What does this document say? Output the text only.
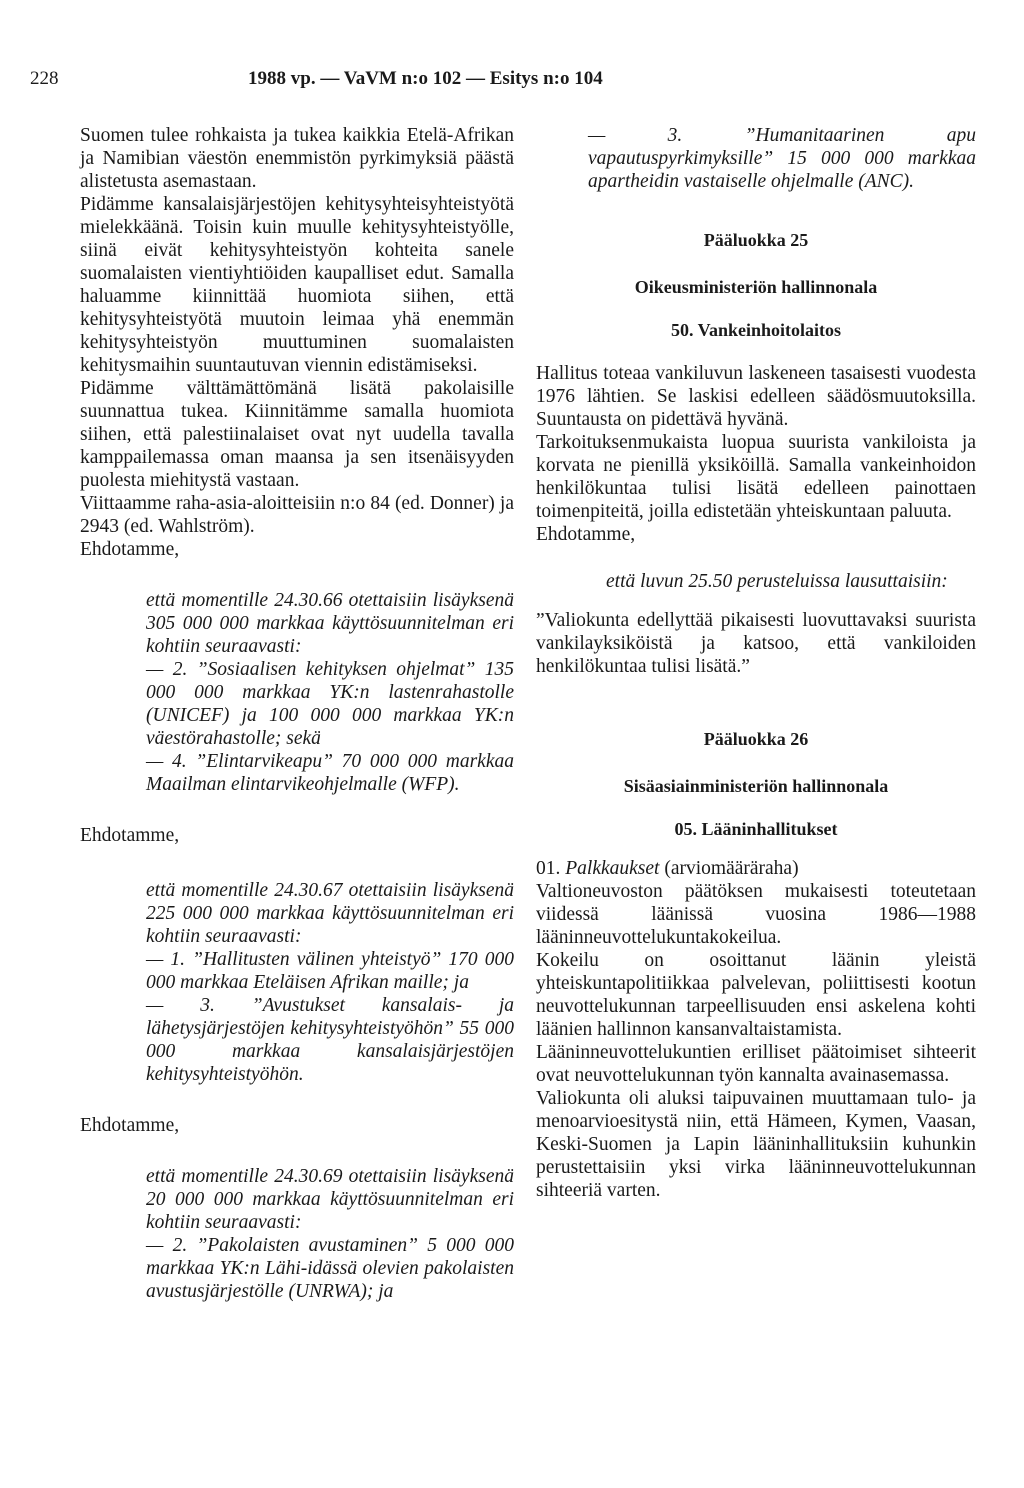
228	1988 vp. — VaVM n:o 102 — Esitys n:o 104

Suomen tulee rohkaista ja tukea kaikkia Etelä-Afrikan ja Namibian väestön enemmistön pyrkimyksiä päästä alistetusta asemastaan.

Pidämme kansalaisjärjestöjen kehitysyhteisyhteistyötä mielekkäänä. Toisin kuin muulle kehitysyhteistyölle, siinä eivät kehitysyhteistyön kohteita sanele suomalaisten vientiyhtiöiden kaupalliset edut. Samalla haluamme kiinnittää huomiota siihen, että kehitysyhteistyötä muutoin leimaa yhä enemmän kehitysyhteistyön muuttuminen suomalaisten kehitysmaihin suuntautuvan viennin edistämiseksi.

Pidämme välttämättömänä lisätä pakolaisille suunnattua tukea. Kiinnitämme samalla huomiota siihen, että palestiinalaiset ovat nyt uudella tavalla kamppailemassa oman maansa ja sen itsenäisyyden puolesta miehitystä vastaan.

Viittaamme raha-asia-aloitteisiin n:o 84 (ed. Donner) ja 2943 (ed. Wahlström).

Ehdotamme,

että momentille 24.30.66 otettaisiin lisäyksenä 305 000 000 markkaa käyttösuunnitelman eri kohtiin seuraavasti:

— 2. ”Sosiaalisen kehityksen ohjelmat” 135 000 000 markkaa YK:n lastenrahastolle (UNICEF) ja 100 000 000 markkaa YK:n väestörahastolle; sekä

— 4. ”Elintarvikeapu” 70 000 000 markkaa Maailman elintarvikeohjelmalle (WFP).

Ehdotamme,

että momentille 24.30.67 otettaisiin lisäyksenä 225 000 000 markkaa käyttösuunnitelman eri kohtiin seuraavasti:

— 1. ”Hallitusten välinen yhteistyö” 170 000 000 markkaa Eteläisen Afrikan maille; ja

— 3. ”Avustukset kansalais- ja lähetysjärjestöjen kehitysyhteistyöhön” 55 000 000 markkaa kansalaisjärjestöjen kehitysyhteistyöhön.

Ehdotamme,

että momentille 24.30.69 otettaisiin lisäyksenä 20 000 000 markkaa käyttösuunnitelman eri kohtiin seuraavasti:

— 2. ”Pakolaisten avustaminen” 5 000 000 markkaa YK:n Lähi-idässä olevien pakolaisten avustusjärjestölle (UNRWA); ja

— 3. ”Humanitaarinen apu vapautuspyrkimyksille” 15 000 000 markkaa apartheidin vastaiselle ohjelmalle (ANC).

Pääluokka 25

Oikeusministeriön hallinnonala

50. Vankeinhoitolaitos

Hallitus toteaa vankiluvun laskeneen tasaisesti vuodesta 1976 lähtien. Se laskisi edelleen säädösmuutoksilla. Suuntausta on pidettävä hyvänä.

Tarkoituksenmukaista luopua suurista vankiloista ja korvata ne pienillä yksiköillä. Samalla vankeinhoidon henkilökuntaa tulisi lisätä edelleen painottaen toimenpiteitä, joilla edistetään yhteiskuntaan paluuta.

Ehdotamme,

että luvun 25.50 perusteluissa lausuttaisiin:

”Valiokunta edellyttää pikaisesti luovuttavaksi suurista vankilayksiköistä ja katsoo, että vankiloiden henkilökuntaa tulisi lisätä.”

Pääluokka 26

Sisäasiainministeriön hallinnonala

05. Lääninhallitukset

01. Palkkaukset (arviomääräraha)

Valtioneuvoston päätöksen mukaisesti toteutetaan viidessä läänissä vuosina 1986—1988 lääninneuvottelukuntakokeilua.

Kokeilu on osoittanut läänin yleistä yhteiskuntapolitiikkaa palvelevan, poliittisesti kootun neuvottelukunnan tarpeellisuuden ensi askelena kohti läänien hallinnon kansanvaltaistamista.

Lääninneuvottelukuntien erilliset päätoimiset sihteerit ovat neuvottelukunnan työn kannalta avainasemassa.

Valiokunta oli aluksi taipuvainen muuttamaan tulo- ja menoarvioesitystä niin, että Hämeen, Kymen, Vaasan, Keski-Suomen ja Lapin lääninhallituksiin kuhunkin perustettaisiin yksi virka lääninneuvottelukunnan sihteeriä varten.
